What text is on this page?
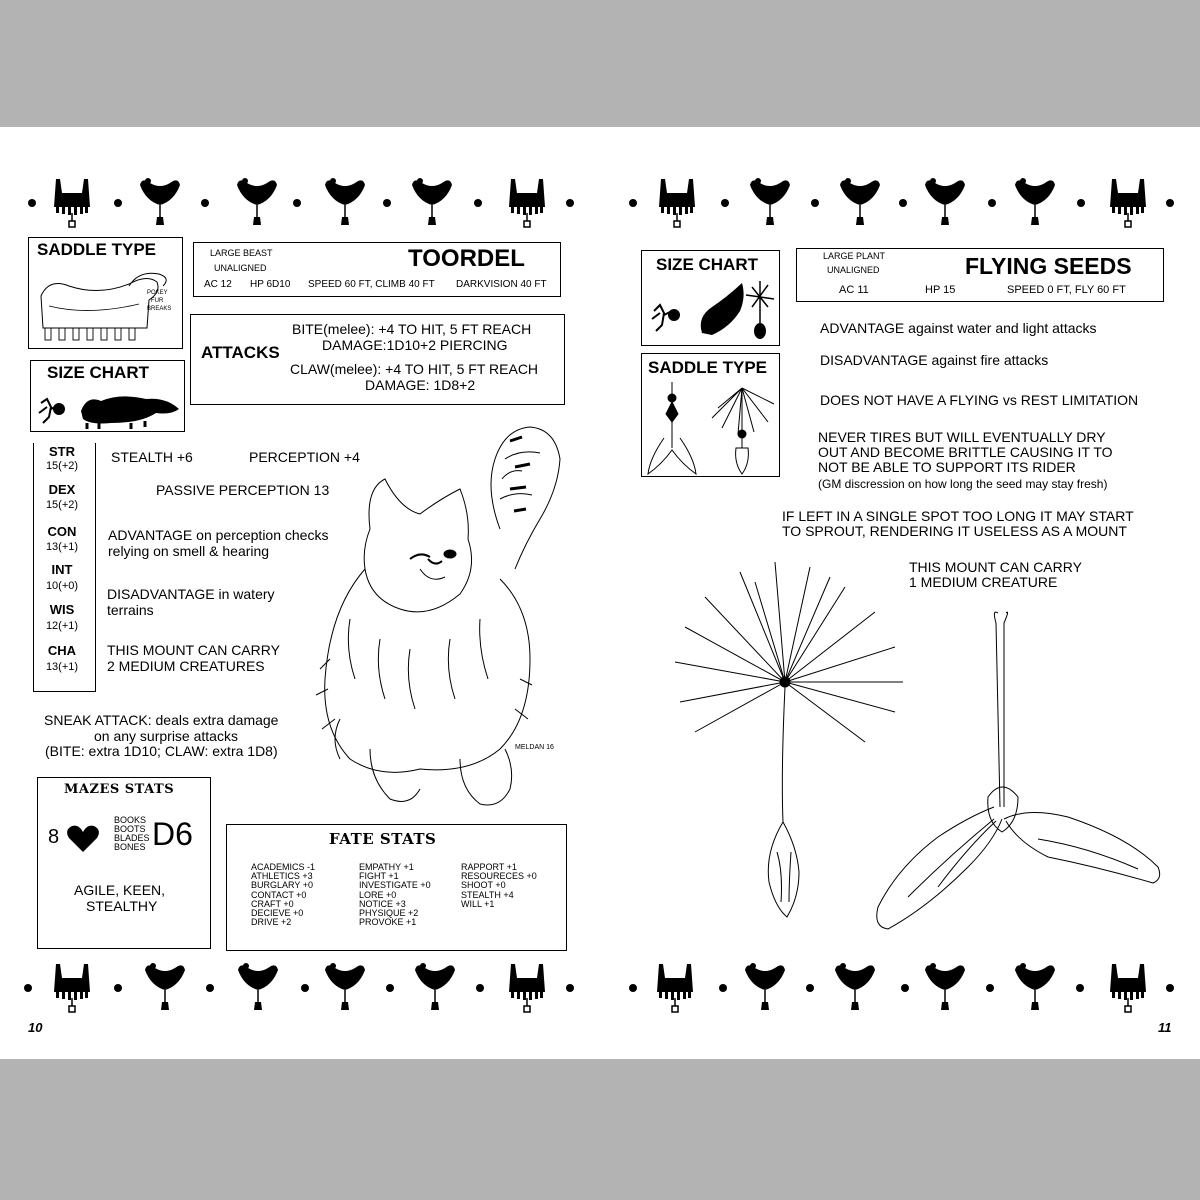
SADDLE TYPE
POKEY
FUR
BREAKS
SIZE CHART
LARGE BEAST
UNALIGNED	TOORDEL
AC 12 HP 6D10 SPEED 60 FT, CLIMB 40 FT DARKVISION 40 FT
ATTACKS
BITE(melee): +4 TO HIT, 5 FT REACH
DAMAGE:1D10+2 PIERCING
CLAW(melee): +4 TO HIT, 5 FT REACH
DAMAGE: 1D8+2
STR
15(+2)
DEX
15(+2)
CON
13(+1)
INT
10(+0)
WIS
12(+1)
CHA
13(+1)
STEALTH +6	PERCEPTION +4
PASSIVE PERCEPTION 13
ADVANTAGE on perception checks
relying on smell & hearing
DISADVANTAGE in watery
terrains
THIS MOUNT CAN CARRY
2 MEDIUM CREATURES
SNEAK ATTACK: deals extra damage
on any surprise attacks
(BITE: extra 1D10; CLAW: extra 1D8)	MELDAN 16
MAZES STATS
8
BOOKS
BOOTS
BLADES
BONES D6
AGILE, KEEN,
STEALTHY
FATE STATS
ACADEMICS -1
ATHLETICS +3
BURGLARY +0
CONTACT +0
CRAFT +0
DECIEVE +0
DRIVE +2
EMPATHY +1
FIGHT +1
INVESTIGATE +0
LORE +0
NOTICE +3
PHYSIQUE +2
PROVOKE +1
RAPPORT +1
RESOURECES +0
SHOOT +0
STEALTH +4
WILL +1
10
SIZE CHART
SADDLE TYPE
LARGE PLANT
UNALIGNED	FLYING SEEDS
AC 11	HP 15	SPEED 0 FT, FLY 60 FT
ADVANTAGE against water and light attacks
DISADVANTAGE against fire attacks
DOES NOT HAVE A FLYING vs REST LIMITATION
NEVER TIRES BUT WILL EVENTUALLY DRY
OUT AND BECOME BRITTLE CAUSING IT TO
NOT BE ABLE TO SUPPORT ITS RIDER
(GM discression on how long the seed may stay fresh)
IF LEFT IN A SINGLE SPOT TOO LONG IT MAY START
TO SPROUT, RENDERING IT USELESS AS A MOUNT
THIS MOUNT CAN CARRY
1 MEDIUM CREATURE
11
